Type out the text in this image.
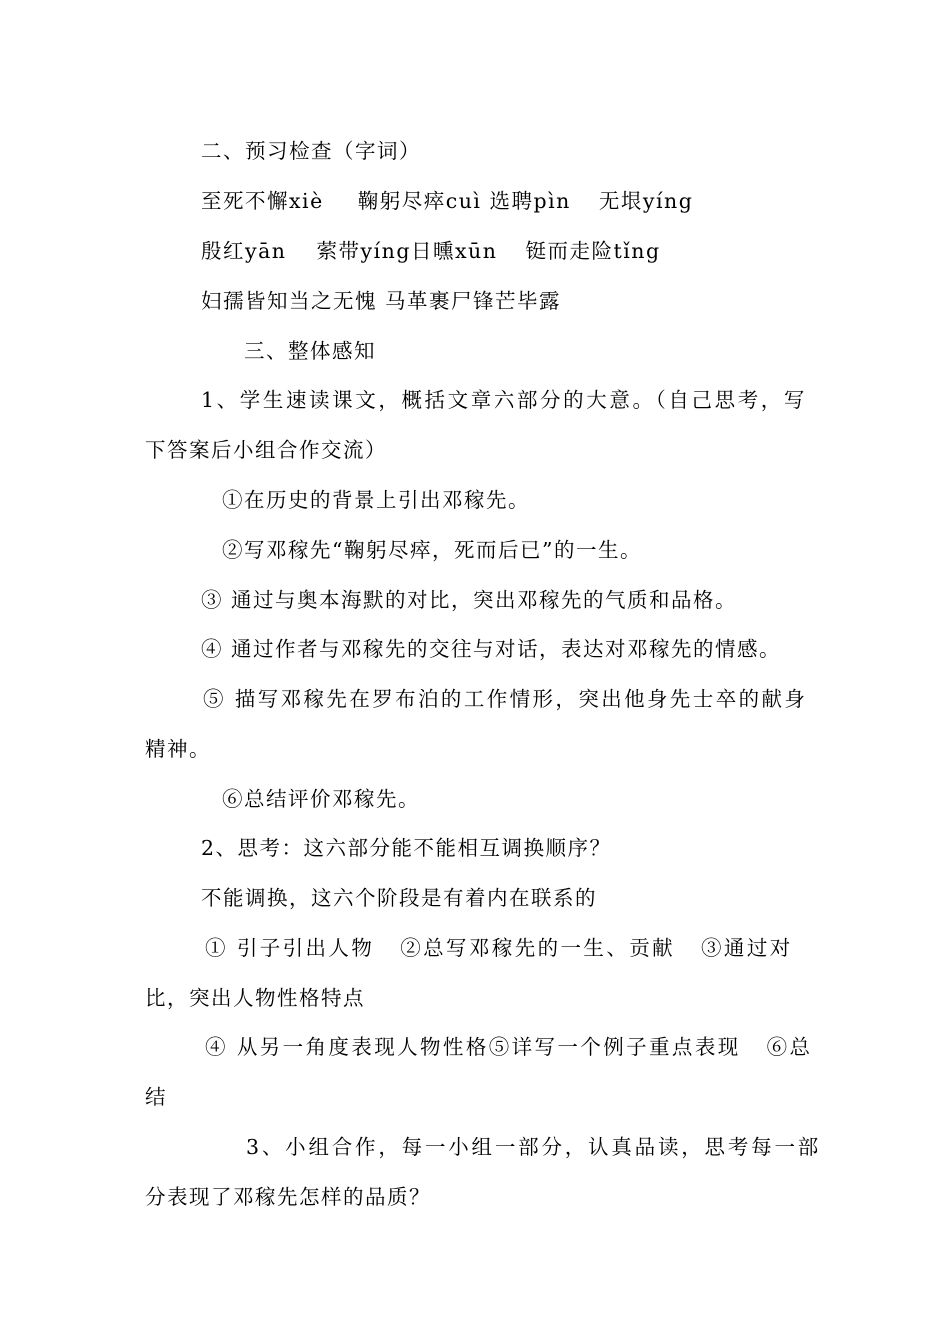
二、预习检查（字词）
至死不懈xiè 鞠躬尽瘁cuì 选聘pìn 无垠yíng
殷红yān 萦带yíng日曛xūn 铤而走险tǐng
妇孺皆知当之无愧 马革裹尸锋芒毕露
三、整体感知
1、学生速读课文，概括文章六部分的大意。（自己思考，写
下答案后小组合作交流）
①在历史的背景上引出邓稼先。
②写邓稼先“鞠躬尽瘁，死而后已”的一生。
③ 通过与奥本海默的对比，突出邓稼先的气质和品格。
④ 通过作者与邓稼先的交往与对话，表达对邓稼先的情感。
⑤ 描写邓稼先在罗布泊的工作情形，突出他身先士卒的献身
精神。
⑥总结评价邓稼先。
2、思考：这六部分能不能相互调换顺序？
不能调换，这六个阶段是有着内在联系的
① 引子引出人物 ②总写邓稼先的一生、贡献 ③通过对
比，突出人物性格特点
④ 从另一角度表现人物性格⑤详写一个例子重点表现 ⑥总
结
3、小组合作，每一小组一部分，认真品读，思考每一部
分表现了邓稼先怎样的品质？
